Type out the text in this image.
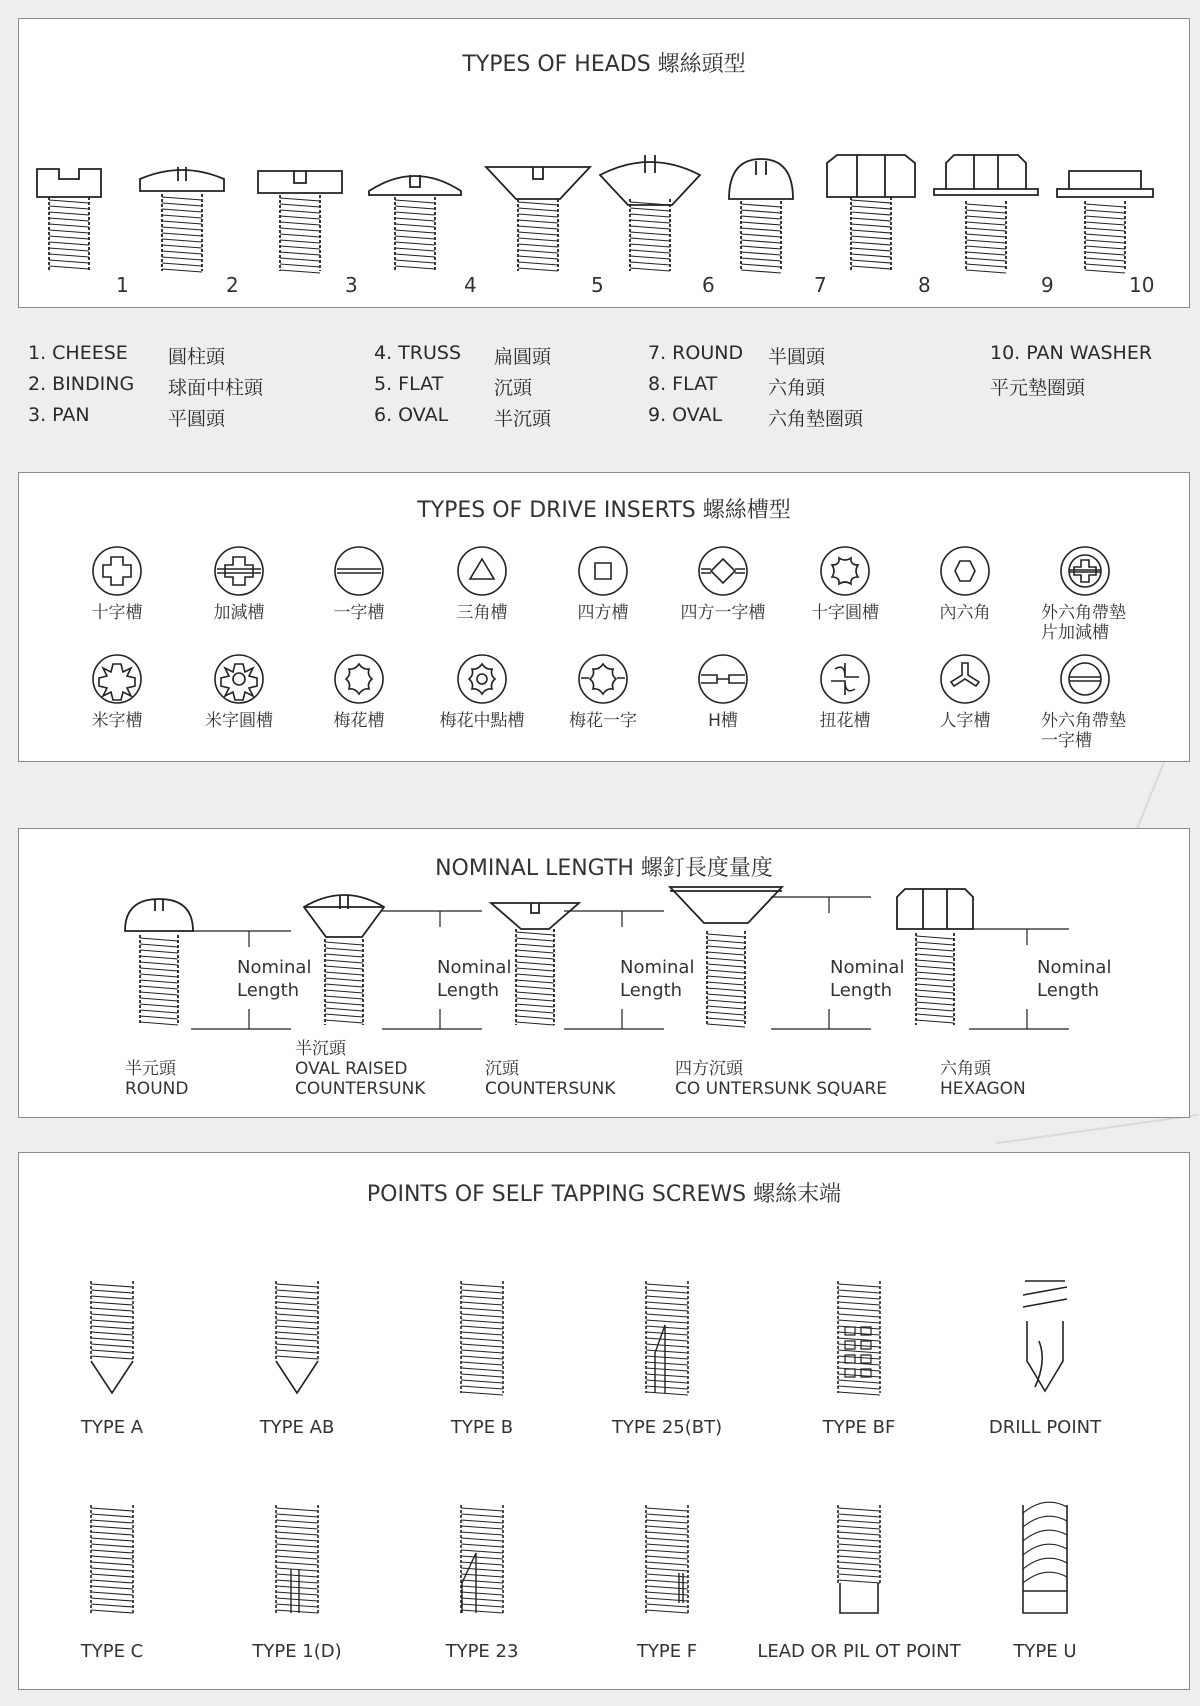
TYPES OF HEADS 螺絲頭型
1	2	3	4	5	6	7	8	9	10
1. CHEESE 圓柱頭
2. BINDING 球面中柱頭
3. PAN	平圓頭
4. TRUSS 扁圓頭
5. FLAT	沉頭
6. OVAL 半沉頭
7. ROUND 半圓頭
8. FLAT	六角頭
9. OVAL 六角墊圈頭
10. PAN WASHER
平元墊圈頭
TYPES OF DRIVE INSERTS 螺絲槽型
十字槽	加減槽	一字槽	三角槽	四方槽	四方一字槽	十字圓槽	內六角	外六角帶墊
片加減槽
米字槽	米字圓槽	梅花槽	梅花中點槽	梅花一字	H槽	扭花槽	人字槽	外六角帶墊
一字槽
NOMINAL LENGTH 螺釘長度量度
Nominal
Length
Nominal
Length
Nominal
Length
Nominal
Length
Nominal
Length
半元頭
ROUND
半沉頭
OVAL RAISED
COUNTERSUNK
沉頭
COUNTERSUNK
四方沉頭
CO UNTERSUNK SQUARE
六角頭
HEXAGON
POINTS OF SELF TAPPING SCREWS 螺絲末端
TYPE A	TYPE AB	TYPE B	TYPE 25(BT)	TYPE BF	DRILL POINT
TYPE C	TYPE 1(D)	TYPE 23	TYPE F	LEAD OR PIL OT POINT	TYPE U
